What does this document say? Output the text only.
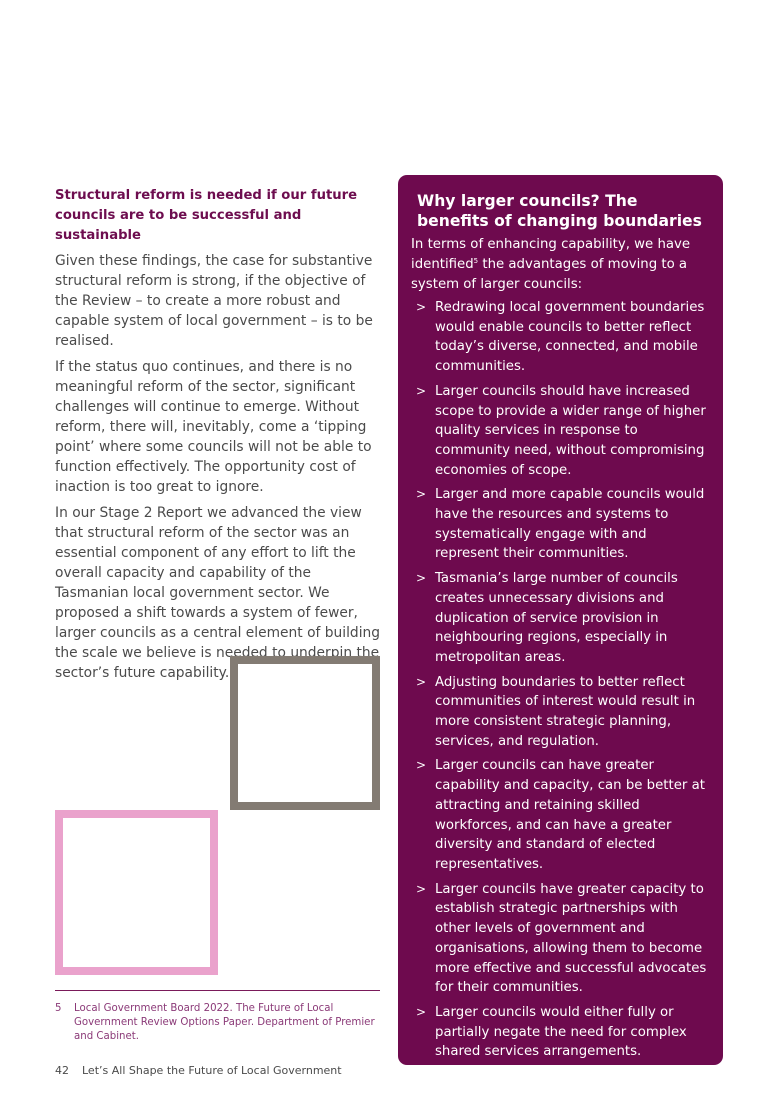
Structural reform is needed if our future councils are to be successful and sustainable

Given these findings, the case for substantive structural reform is strong, if the objective of the Review – to create a more robust and capable system of local government – is to be realised.

If the status quo continues, and there is no meaningful reform of the sector, significant challenges will continue to emerge. Without reform, there will, inevitably, come a ‘tipping point’ where some councils will not be able to function effectively. The opportunity cost of inaction is too great to ignore.

In our Stage 2 Report we advanced the view that structural reform of the sector was an essential component of any effort to lift the overall capacity and capability of the Tasmanian local government sector. We proposed a shift towards a system of fewer, larger councils as a central element of building the scale we believe is needed to underpin the sector’s future capability.

5	Local Government Board 2022. The Future of Local Government Review Options Paper. Department of Premier and Cabinet.
42	Let’s All Shape the Future of Local Government
Why larger councils? The benefits of changing boundaries

In terms of enhancing capability, we have identified$^5$ the advantages of moving to a system of larger councils:

> Redrawing local government boundaries would enable councils to better reflect today’s diverse, connected, and mobile communities.
> Larger councils should have increased scope to provide a wider range of higher quality services in response to community need, without compromising economies of scope.
> Larger and more capable councils would have the resources and systems to systematically engage with and represent their communities.
> Tasmania’s large number of councils creates unnecessary divisions and duplication of service provision in neighbouring regions, especially in metropolitan areas.
> Adjusting boundaries to better reflect communities of interest would result in more consistent strategic planning, services, and regulation.
> Larger councils can have greater capability and capacity, can be better at attracting and retaining skilled workforces, and can have a greater diversity and standard of elected representatives.
> Larger councils have greater capacity to establish strategic partnerships with other levels of government and organisations, allowing them to become more effective and successful advocates for their communities.
> Larger councils would either fully or partially negate the need for complex shared services arrangements.
